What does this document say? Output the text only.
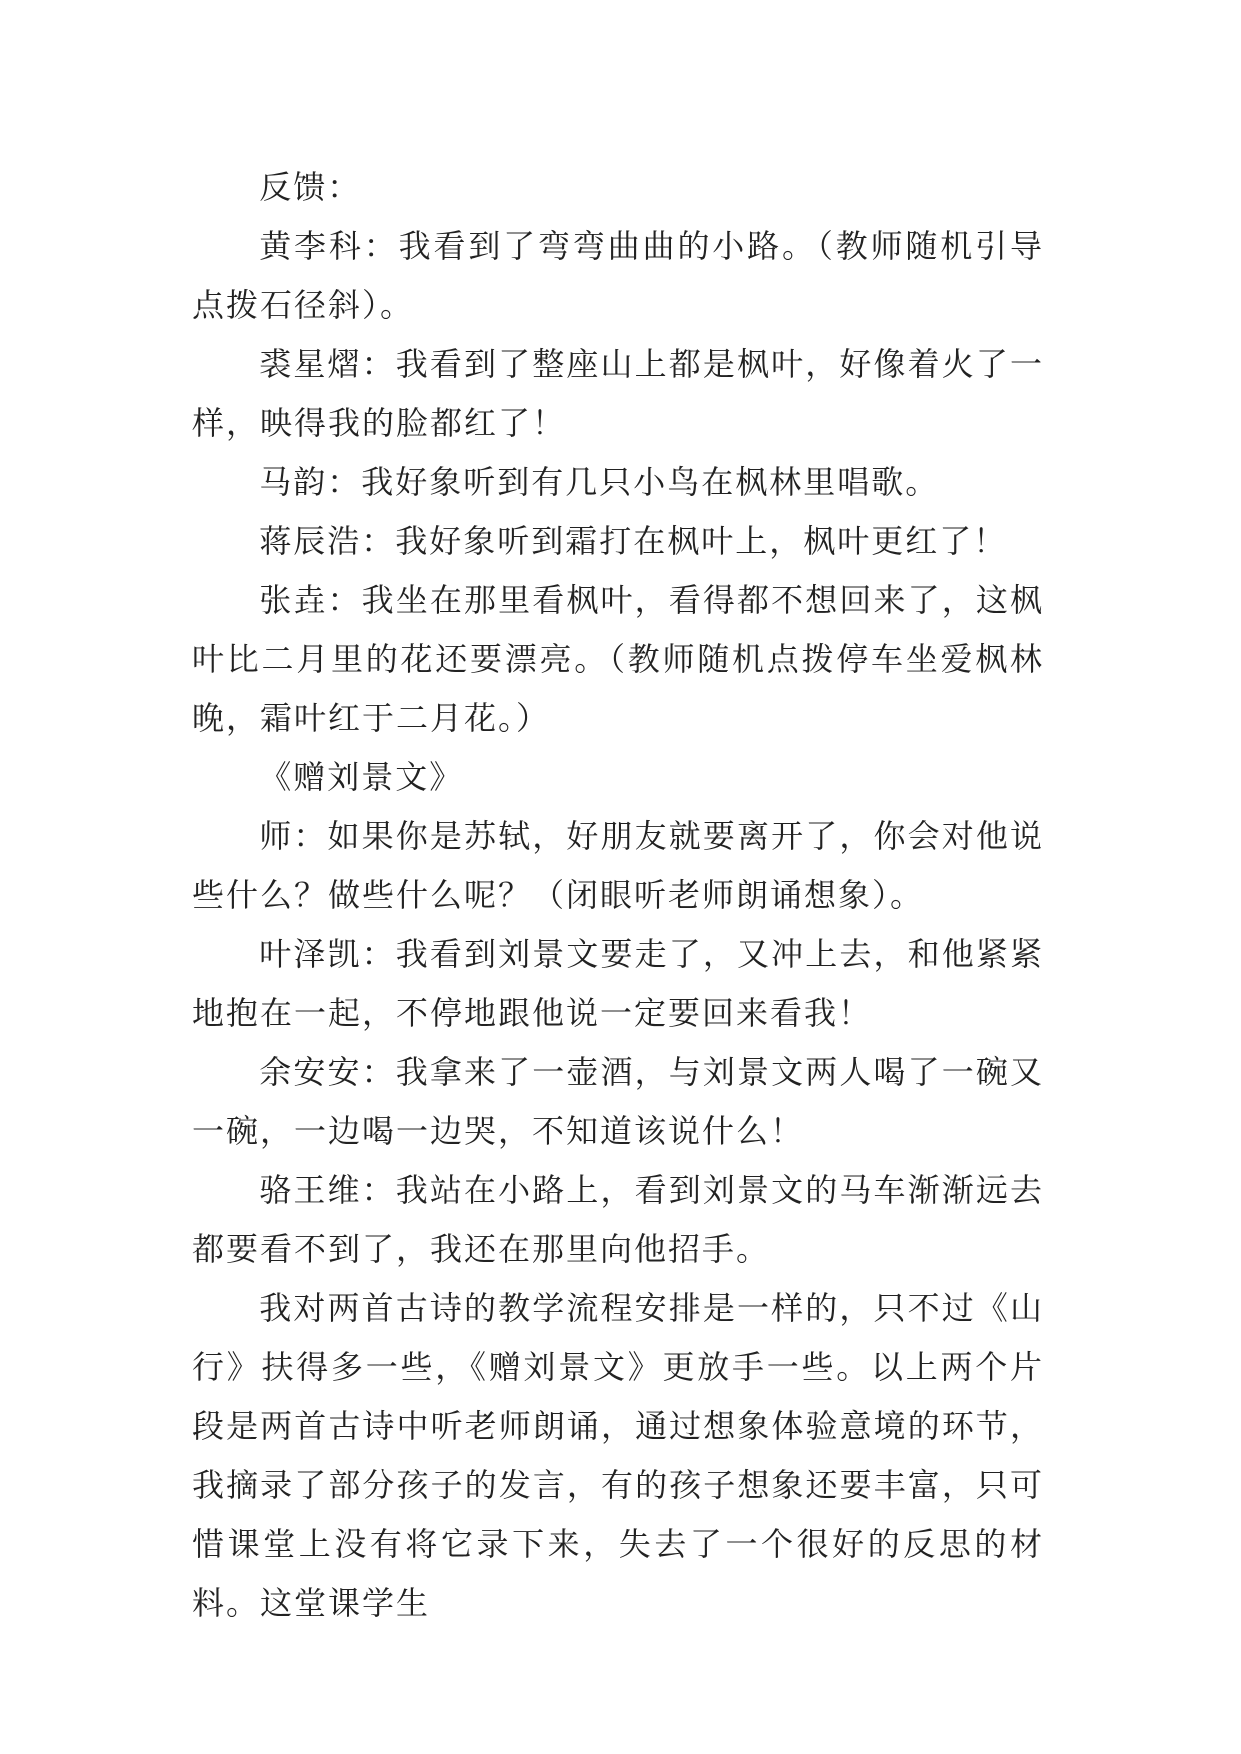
反馈：

黄李科：我看到了弯弯曲曲的小路。（教师随机引导点拨石径斜）。

裘星熠：我看到了整座山上都是枫叶，好像着火了一样，映得我的脸都红了！

马韵：我好象听到有几只小鸟在枫林里唱歌。

蒋辰浩：我好象听到霜打在枫叶上，枫叶更红了！

张垚：我坐在那里看枫叶，看得都不想回来了，这枫叶比二月里的花还要漂亮。（教师随机点拨停车坐爱枫林晚，霜叶红于二月花。）

《赠刘景文》

师：如果你是苏轼，好朋友就要离开了，你会对他说些什么？做些什么呢？（闭眼听老师朗诵想象）。

叶泽凯：我看到刘景文要走了，又冲上去，和他紧紧地抱在一起，不停地跟他说一定要回来看我！

余安安：我拿来了一壶酒，与刘景文两人喝了一碗又一碗，一边喝一边哭，不知道该说什么！

骆王维：我站在小路上，看到刘景文的马车渐渐远去都要看不到了，我还在那里向他招手。

我对两首古诗的教学流程安排是一样的，只不过《山行》扶得多一些，《赠刘景文》更放手一些。以上两个片段是两首古诗中听老师朗诵，通过想象体验意境的环节，我摘录了部分孩子的发言，有的孩子想象还要丰富，只可惜课堂上没有将它录下来，失去了一个很好的反思的材料。这堂课学生
